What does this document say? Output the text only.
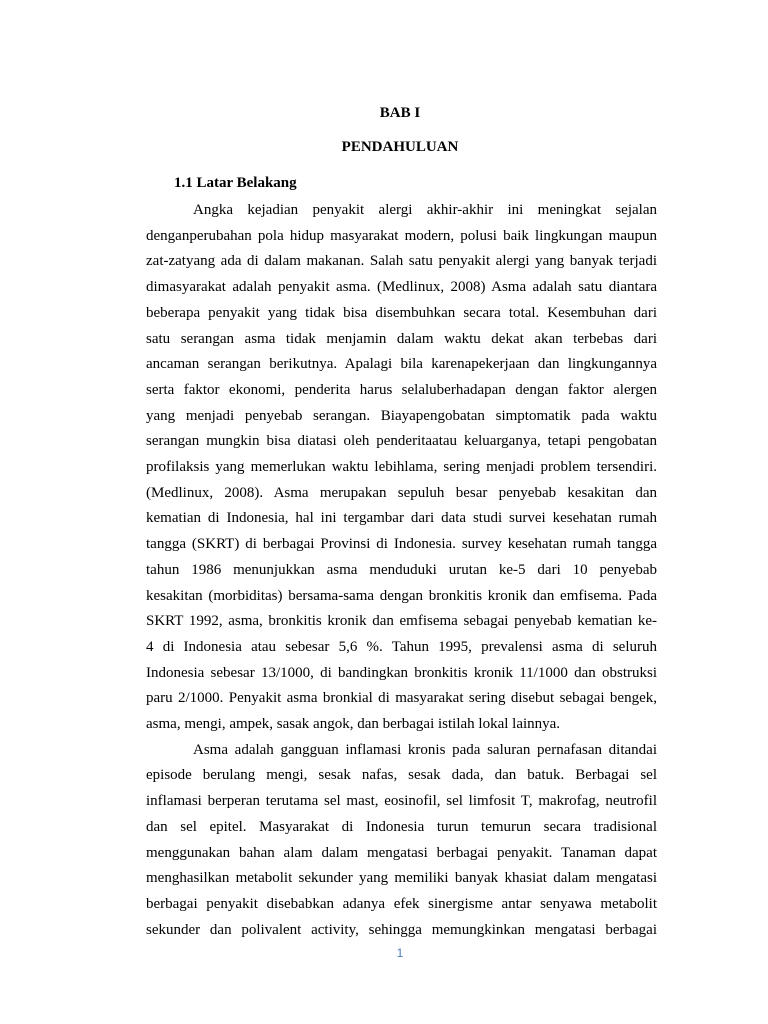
BAB I
PENDAHULUAN
1.1 Latar Belakang
Angka kejadian penyakit alergi akhir-akhir ini meningkat sejalan
denganperubahan pola hidup masyarakat modern, polusi baik lingkungan maupun
zat-zatyang ada di dalam makanan. Salah satu penyakit alergi yang banyak terjadi
dimasyarakat adalah penyakit asma. (Medlinux, 2008) Asma adalah satu diantara
beberapa penyakit yang tidak bisa disembuhkan secara total. Kesembuhan dari
satu serangan asma tidak menjamin dalam waktu dekat akan terbebas dari
ancaman serangan berikutnya. Apalagi bila karenapekerjaan dan lingkungannya
serta faktor ekonomi, penderita harus selaluberhadapan dengan faktor alergen
yang menjadi penyebab serangan. Biayapengobatan simptomatik pada waktu
serangan mungkin bisa diatasi oleh penderitaatau keluarganya, tetapi pengobatan
profilaksis yang memerlukan waktu lebihlama, sering menjadi problem tersendiri.
(Medlinux, 2008). Asma merupakan sepuluh besar penyebab kesakitan dan
kematian di Indonesia, hal ini tergambar dari data studi survei kesehatan rumah
tangga (SKRT) di berbagai Provinsi di Indonesia. survey kesehatan rumah tangga
tahun 1986 menunjukkan asma menduduki urutan ke-5 dari 10 penyebab
kesakitan (morbiditas) bersama-sama dengan bronkitis kronik dan emfisema. Pada
SKRT 1992, asma, bronkitis kronik dan emfisema sebagai penyebab kematian ke-
4 di Indonesia atau sebesar 5,6 %. Tahun 1995, prevalensi asma di seluruh
Indonesia sebesar 13/1000, di bandingkan bronkitis kronik 11/1000 dan obstruksi
paru 2/1000. Penyakit asma bronkial di masyarakat sering disebut sebagai bengek,
asma, mengi, ampek, sasak angok, dan berbagai istilah lokal lainnya.
Asma adalah gangguan inflamasi kronis pada saluran pernafasan ditandai
episode berulang mengi, sesak nafas, sesak dada, dan batuk. Berbagai sel
inflamasi berperan terutama sel mast, eosinofil, sel limfosit T, makrofag, neutrofil
dan sel epitel. Masyarakat di Indonesia turun temurun secara tradisional
menggunakan bahan alam dalam mengatasi berbagai penyakit. Tanaman dapat
menghasilkan metabolit sekunder yang memiliki banyak khasiat dalam mengatasi
berbagai penyakit disebabkan adanya efek sinergisme antar senyawa metabolit
sekunder dan polivalent activity, sehingga memungkinkan mengatasi berbagai
1
